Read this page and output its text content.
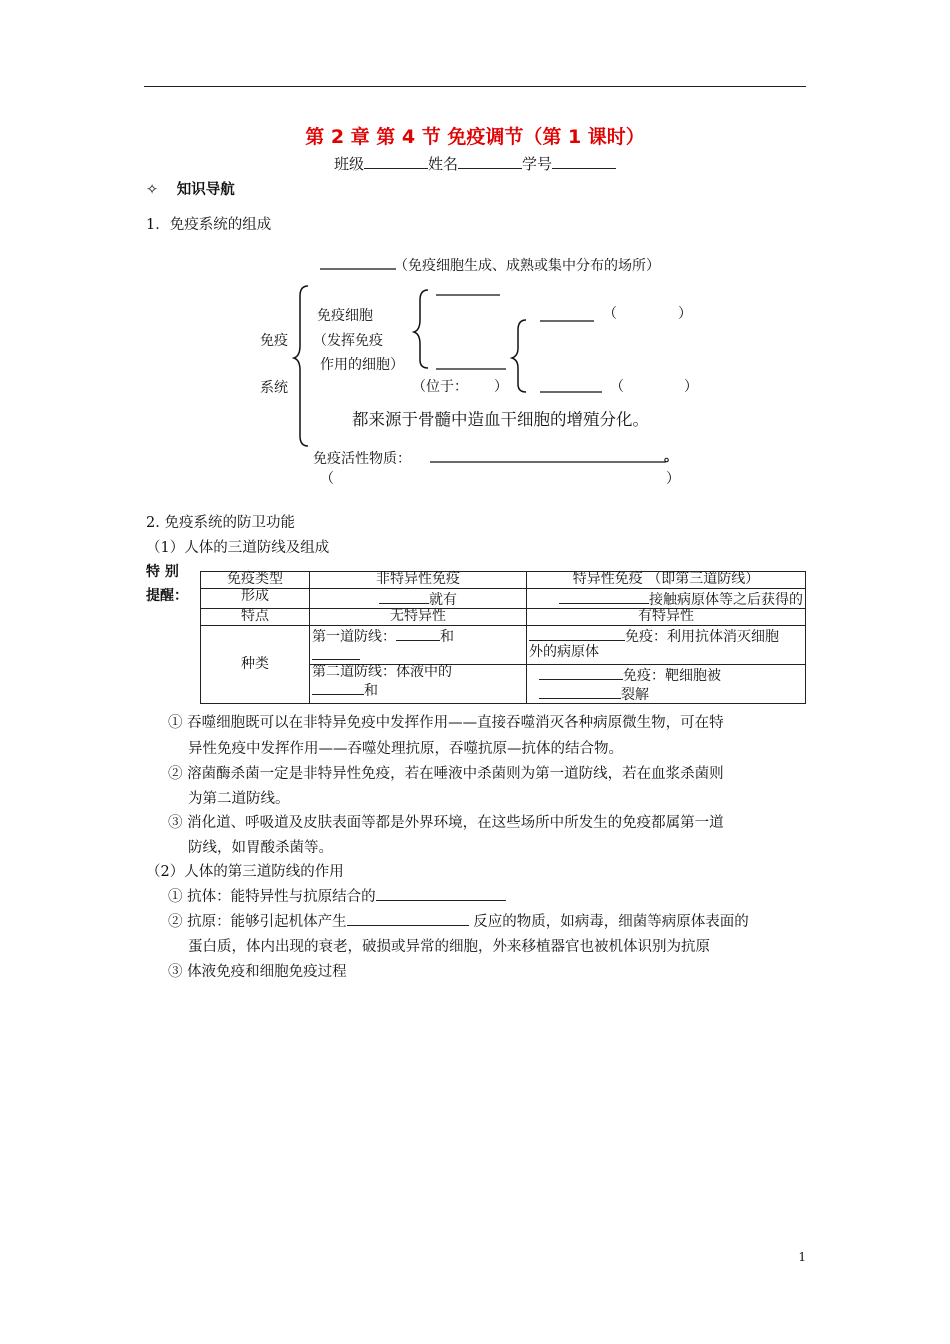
第 2 章 第 4 节 免疫调节（第 1 课时）
班级	姓名	学号
✧ 知识导航
1．免疫系统的组成
（免疫细胞生成、成熟或集中分布的场所）
免疫
系统
免疫细胞
（发挥免疫
作用的细胞）
（位于： ）
（	）
（	）
都来源于骨髓中造血干细胞的增殖分化。
免疫活性物质：	。
（	）
2. 免疫系统的防卫功能
（1）人体的三道防线及组成
特 别
提醒：
免疫类型	非特异性免疫	特异性免疫 （即第三道防线）
形成	就有	接触病原体等之后获得的
特点	无特异性	有特异性
种类	第一道防线： 和	免疫：利用抗体消灭细胞
外的病原体
	第二道防线：体液中的
和	免疫：靶细胞被
裂解
① 吞噬细胞既可以在非特异免疫中发挥作用——直接吞噬消灭各种病原微生物，可在特
异性免疫中发挥作用——吞噬处理抗原，吞噬抗原—抗体的结合物。
② 溶菌酶杀菌一定是非特异性免疫，若在唾液中杀菌则为第一道防线，若在血浆杀菌则
为第二道防线。
③ 消化道、呼吸道及皮肤表面等都是外界环境，在这些场所中所发生的免疫都属第一道
防线，如胃酸杀菌等。
（2）人体的第三道防线的作用
① 抗体：能特异性与抗原结合的
② 抗原：能够引起机体产生	反应的物质，如病毒，细菌等病原体表面的
蛋白质，体内出现的衰老，破损或异常的细胞，外来移植器官也被机体识别为抗原
③ 体液免疫和细胞免疫过程
1
